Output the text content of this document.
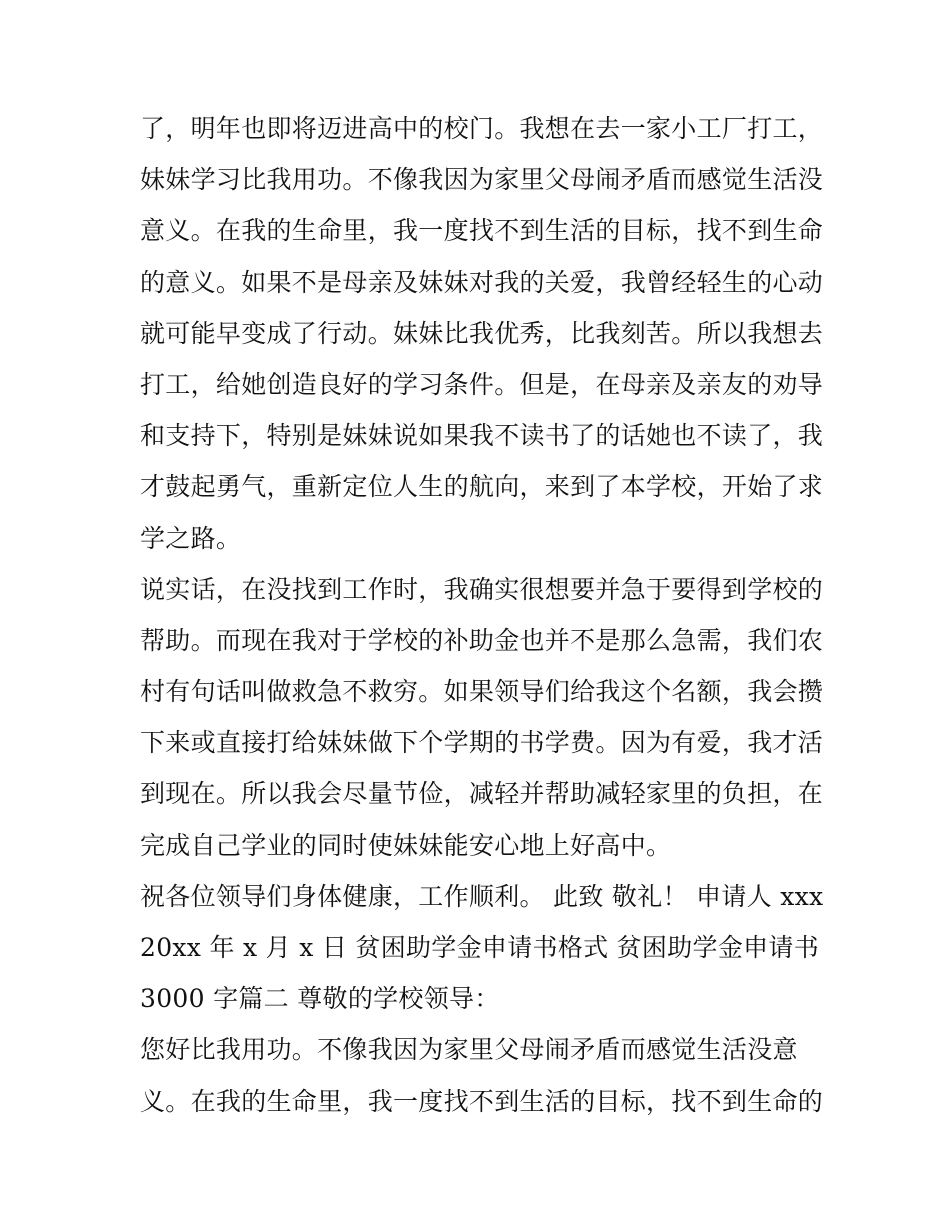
了，明年也即将迈进高中的校门。我想在去一家小工厂打工，
妹妹学习比我用功。不像我因为家里父母闹矛盾而感觉生活没
意义。在我的生命里，我一度找不到生活的目标，找不到生命
的意义。如果不是母亲及妹妹对我的关爱，我曾经轻生的心动
就可能早变成了行动。妹妹比我优秀，比我刻苦。所以我想去
打工，给她创造良好的学习条件。但是，在母亲及亲友的劝导
和支持下，特别是妹妹说如果我不读书了的话她也不读了，我
才鼓起勇气，重新定位人生的航向，来到了本学校，开始了求
学之路。
说实话，在没找到工作时，我确实很想要并急于要得到学校的
帮助。而现在我对于学校的补助金也并不是那么急需，我们农
村有句话叫做救急不救穷。如果领导们给我这个名额，我会攒
下来或直接打给妹妹做下个学期的书学费。因为有爱，我才活
到现在。所以我会尽量节俭，减轻并帮助减轻家里的负担，在
完成自己学业的同时使妹妹能安心地上好高中。
祝各位领导们身体健康，工作顺利。 此致 敬礼！ 申请人 xxx
20xx 年 x 月 x 日 贫困助学金申请书格式 贫困助学金申请书
3000 字篇二 尊敬的学校领导：
您好比我用功。不像我因为家里父母闹矛盾而感觉生活没意
义。在我的生命里，我一度找不到生活的目标，找不到生命的
